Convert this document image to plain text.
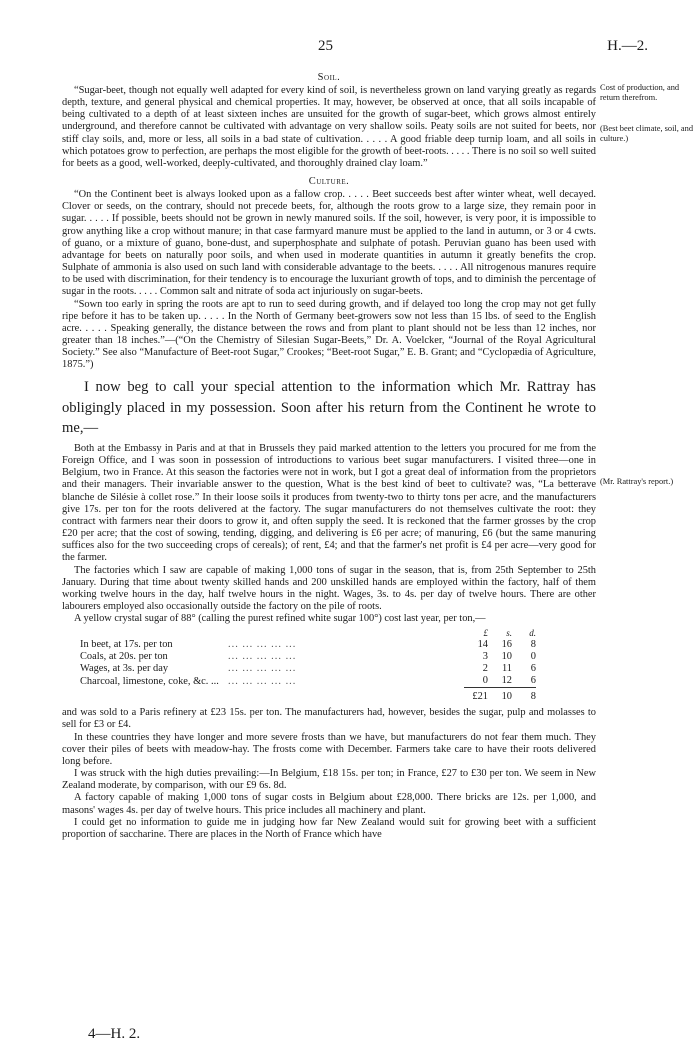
25	H.—2.
Cost of production, and return therefrom.
(Best beet climate, soil, and culture.)
(Mr. Rattray's report.)
Soil.

“Sugar-beet, though not equally well adapted for every kind of soil, is nevertheless grown on land varying greatly as regards depth, texture, and general physical and chemical properties. It may, however, be observed at once, that all soils incapable of being cultivated to a depth of at least sixteen inches are unsuited for the growth of sugar-beet, which grows almost entirely underground, and therefore cannot be cultivated with advantage on very shallow soils. Peaty soils are not suited for beets, nor stiff clay soils, and, more or less, all soils in a bad state of cultivation. . . . . A good friable deep turnip loam, and all soils in which potatoes grow to perfection, are perhaps the most eligible for the growth of beet-roots. . . . . There is no soil so well suited for beets as a good, well-worked, deeply-cultivated, and thoroughly drained clay loam.”

Culture.

“On the Continent beet is always looked upon as a fallow crop. . . . . Beet succeeds best after winter wheat, well decayed. Clover or seeds, on the contrary, should not precede beets, for, although the roots grow to a large size, they remain poor in sugar. . . . . If possible, beets should not be grown in newly manured soils. If the soil, however, is very poor, it is impossible to grow anything like a crop without manure; in that case farmyard manure must be applied to the land in autumn, or 3 or 4 cwts. of guano, or a mixture of guano, bone-dust, and superphosphate and sulphate of potash. Peruvian guano has been used with advantage for beets on naturally poor soils, and when used in moderate quantities in autumn it greatly benefits the crop. Sulphate of ammonia is also used on such land with considerable advantage to the beets. . . . . All nitrogenous manures require to be used with discrimination, for their tendency is to encourage the luxuriant growth of tops, and to diminish the percentage of sugar in the roots. . . . . Common salt and nitrate of soda act injuriously on sugar-beets.

“Sown too early in spring the roots are apt to run to seed during growth, and if delayed too long the crop may not get fully ripe before it has to be taken up. . . . . In the North of Germany beet-growers sow not less than 15 lbs. of seed to the English acre. . . . . Speaking generally, the distance between the rows and from plant to plant should not be less than 12 inches, nor greater than 18 inches.”—(“On the Chemistry of Silesian Sugar-Beets,” Dr. A. Voelcker, “Journal of the Royal Agricultural Society.” See also “Manufacture of Beet-root Sugar,” Crookes; “Beet-root Sugar,” E. B. Grant; and “Cyclopædia of Agriculture, 1875.”)

I now beg to call your special attention to the information which Mr. Rattray has obligingly placed in my possession. Soon after his return from the Continent he wrote to me,—

Both at the Embassy in Paris and at that in Brussels they paid marked attention to the letters you procured for me from the Foreign Office, and I was soon in possession of introductions to various beet sugar manufacturers. I visited three—one in Belgium, two in France. At this season the factories were not in work, but I got a great deal of information from the proprietors and their managers. Their invariable answer to the question, What is the best kind of beet to cultivate? was, “La betterave blanche de Silésie à collet rose.” In their loose soils it produces from twenty-two to thirty tons per acre, and the manufacturers give 17s. per ton for the roots delivered at the factory. The sugar manufacturers do not themselves cultivate the root: they contract with farmers near their doors to grow it, and often supply the seed. It is reckoned that the farmer grosses by the crop £20 per acre; that the cost of sowing, tending, digging, and delivering is £6 per acre; of manuring, £6 (but the same manuring suffices also for the two succeeding crops of cereals); of rent, £4; and that the farmer's net profit is £4 per acre—very good for the farmer.

The factories which I saw are capable of making 1,000 tons of sugar in the season, that is, from 25th September to 25th January. During that time about twenty skilled hands and 200 unskilled hands are employed within the factory, half of them working twelve hours in the day, half twelve hours in the night. Wages, 3s. to 4s. per day of twelve hours. There are other labourers employed also occasionally outside the factory on the pile of roots.

A yellow crystal sugar of 88° (calling the purest refined white sugar 100°) cost last year, per ton,—

		£	s.	d.
In beet, at 17s. per ton	... ... ... ... ...	14	16	8
Coals, at 20s. per ton	... ... ... ... ...	3	10	0
Wages, at 3s. per day	... ... ... ... ...	2	11	6
Charcoal, limestone, coke, &c. ...	... ... ... ... ...	0	12	6
		£21	10	8

and was sold to a Paris refinery at £23 15s. per ton. The manufacturers had, however, besides the sugar, pulp and molasses to sell for £3 or £4.

In these countries they have longer and more severe frosts than we have, but manufacturers do not fear them much. They cover their piles of beets with meadow-hay. The frosts come with December. Farmers take care to have their roots delivered long before.

I was struck with the high duties prevailing:—In Belgium, £18 15s. per ton; in France, £27 to £30 per ton. We seem in New Zealand moderate, by comparison, with our £9 6s. 8d.

A factory capable of making 1,000 tons of sugar costs in Belgium about £28,000. There bricks are 12s. per 1,000, and masons' wages 4s. per day of twelve hours. This price includes all machinery and plant.

I could get no information to guide me in judging how far New Zealand would suit for growing beet with a sufficient proportion of saccharine. There are places in the North of France which have

4—H. 2.
